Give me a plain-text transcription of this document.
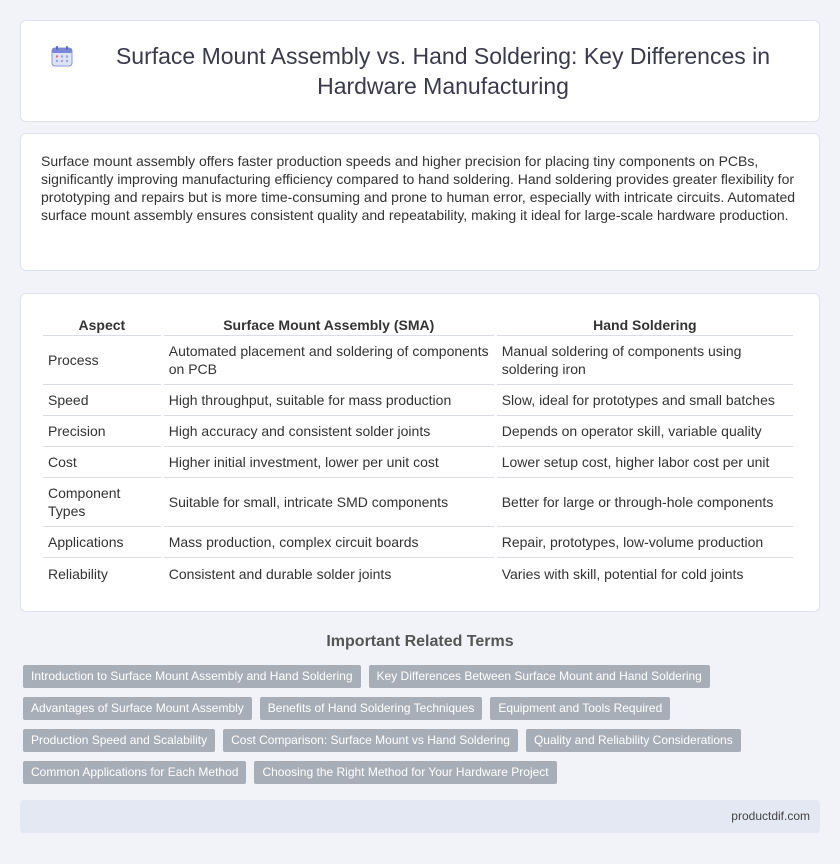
Surface Mount Assembly vs. Hand Soldering: Key Differences in Hardware Manufacturing

Surface mount assembly offers faster production speeds and higher precision for placing tiny components on PCBs, significantly improving manufacturing efficiency compared to hand soldering. Hand soldering provides greater flexibility for prototyping and repairs but is more time-consuming and prone to human error, especially with intricate circuits. Automated surface mount assembly ensures consistent quality and repeatability, making it ideal for large-scale hardware production.

Aspect	Surface Mount Assembly (SMA)	Hand Soldering
Process	Automated placement and soldering of components on PCB	Manual soldering of components using soldering iron
Speed	High throughput, suitable for mass production	Slow, ideal for prototypes and small batches
Precision	High accuracy and consistent solder joints	Depends on operator skill, variable quality
Cost	Higher initial investment, lower per unit cost	Lower setup cost, higher labor cost per unit
Component Types	Suitable for small, intricate SMD components	Better for large or through-hole components
Applications	Mass production, complex circuit boards	Repair, prototypes, low-volume production
Reliability	Consistent and durable solder joints	Varies with skill, potential for cold joints
Important Related Terms
Introduction to Surface Mount Assembly and Hand Soldering	Key Differences Between Surface Mount and Hand Soldering
Advantages of Surface Mount Assembly	Benefits of Hand Soldering Techniques	Equipment and Tools Required
Production Speed and Scalability	Cost Comparison: Surface Mount vs Hand Soldering	Quality and Reliability Considerations
Common Applications for Each Method	Choosing the Right Method for Your Hardware Project
productdif.com
